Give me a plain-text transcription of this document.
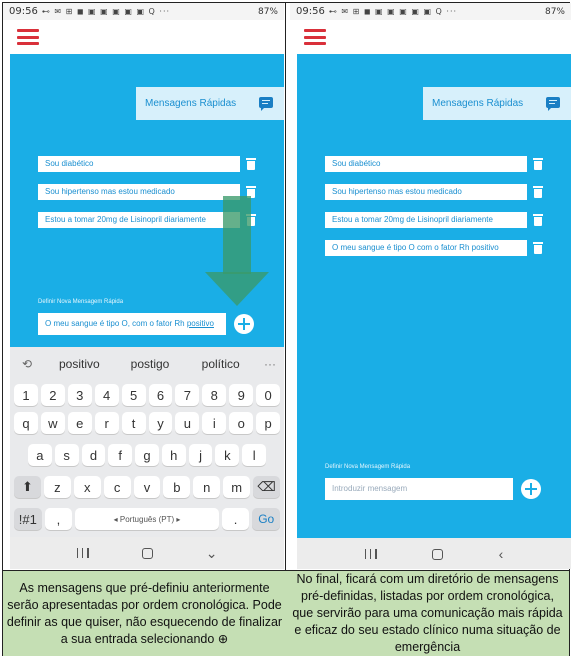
09:56 ⊷ ✉ ⊞ ◼ ▣ ▣ ▣ ▣ ▣ Q ···	87%
Mensagens Rápidas
Sou diabético
Sou hipertenso mas estou medicado
Estou a tomar 20mg de Lisinopril diariamente
Definir Nova Mensagem Rápida
O meu sangue é tipo O, com o fator Rh positivo
⟲	positivo	postigo	político	···
1	2	3	4	5	6	7	8	9	0
q	w	e	r	t	y	u	i	o	p
a	s	d	f	g	h	j	k	l
⬆	z	x	c	v	b	n	m	⌫
!#1	,	◂ Português (PT) ▸	.	Go
⌄
09:56 ⊷ ✉ ⊞ ◼ ▣ ▣ ▣ ▣ ▣ Q ···	87%
Mensagens Rápidas
Sou diabético
Sou hipertenso mas estou medicado
Estou a tomar 20mg de Lisinopril diariamente
O meu sangue é tipo O com o fator Rh positivo
Definir Nova Mensagem Rápida
Introduzir mensagem
‹
As mensagens que pré-definiu anteriormente serão apresentadas por ordem cronológica. Pode definir as que quiser, não esquecendo de finalizar a sua entrada selecionando ⊕
No final, ficará com um diretório de mensagens pré-definidas, listadas por ordem cronológica, que servirão para uma comunicação mais rápida e eficaz do seu estado clínico numa situação de emergência
